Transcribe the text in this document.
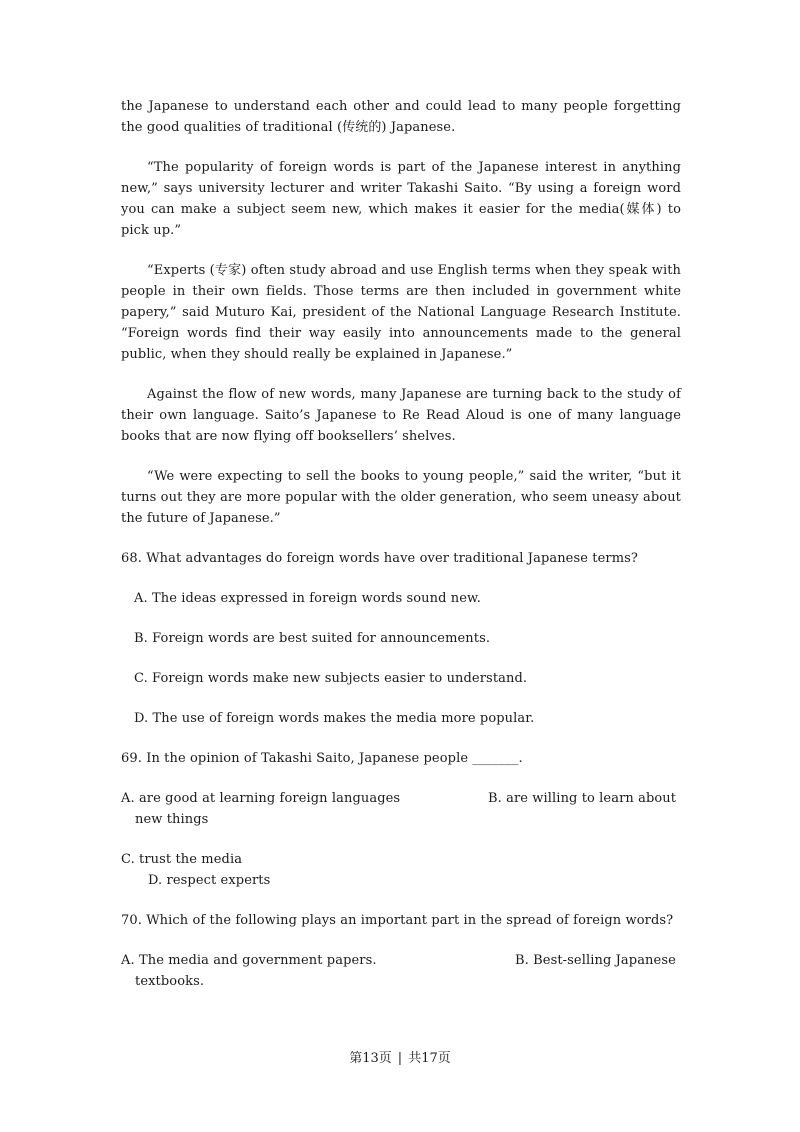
the Japanese to understand each other and could lead to many people forgetting the good qualities of traditional (传统的) Japanese.

“The popularity of foreign words is part of the Japanese interest in anything new,” says university lecturer and writer Takashi Saito. “By using a foreign word you can make a subject seem new, which makes it easier for the media(媒体) to pick up.”

“Experts (专家) often study abroad and use English terms when they speak with people in their own fields. Those terms are then included in government white papery,” said Muturo Kai, president of the National Language Research Institute. “Foreign words find their way easily into announcements made to the general public, when they should really be explained in Japanese.”

Against the flow of new words, many Japanese are turning back to the study of their own language. Saito’s Japanese to Re Read Aloud is one of many language books that are now flying off booksellers’ shelves.

“We were expecting to sell the books to young people,” said the writer, “but it turns out they are more popular with the older generation, who seem uneasy about the future of Japanese.”

68. What advantages do foreign words have over traditional Japanese terms?

A. The ideas expressed in foreign words sound new.

B. Foreign words are best suited for announcements.

C. Foreign words make new subjects easier to understand.

D. The use of foreign words makes the media more popular.

69. In the opinion of Takashi Saito, Japanese people _______.

A. are good at learning foreign languages	B. are willing to learn about

new things

C. trust the media

D. respect experts

70. Which of the following plays an important part in the spread of foreign words?

A. The media and government papers.	B. Best-selling Japanese

textbooks.

第13页 | 共17页
